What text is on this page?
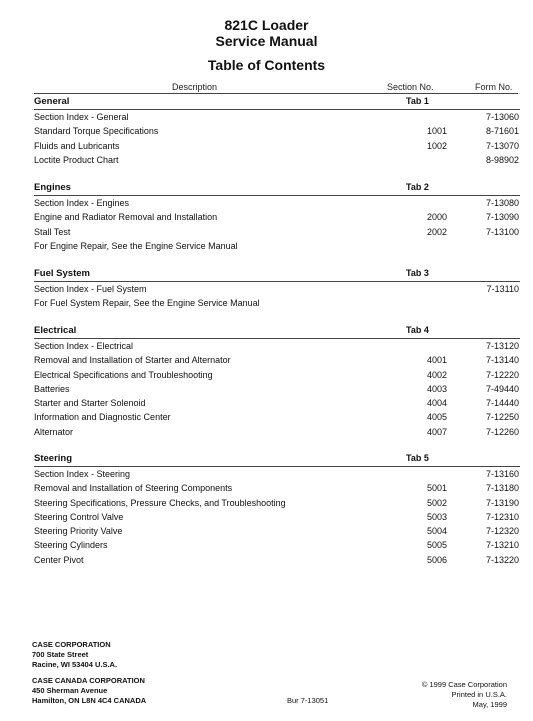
821C Loader
Service Manual
Table of Contents
Description	Section No.	Form No.
General	Tab 1
Section Index - General	7-13060
Standard Torque Specifications	1001	8-71601
Fluids and Lubricants	1002	7-13070
Loctite Product Chart	8-98902
Engines	Tab 2
Section Index - Engines	7-13080
Engine and Radiator Removal and Installation	2000	7-13090
Stall Test	2002	7-13100
For Engine Repair, See the Engine Service Manual
Fuel System	Tab 3
Section Index - Fuel System	7-13110
For Fuel System Repair, See the Engine Service Manual
Electrical	Tab 4
Section Index - Electrical	7-13120
Removal and Installation of Starter and Alternator	4001	7-13140
Electrical Specifications and Troubleshooting	4002	7-12220
Batteries	4003	7-49440
Starter and Starter Solenoid	4004	7-14440
Information and Diagnostic Center	4005	7-12250
Alternator	4007	7-12260
Steering	Tab 5
Section Index - Steering	7-13160
Removal and Installation of Steering Components	5001	7-13180
Steering Specifications, Pressure Checks, and Troubleshooting	5002	7-13190
Steering Control Valve	5003	7-12310
Steering Priority Valve	5004	7-12320
Steering Cylinders	5005	7-13210
Center Pivot	5006	7-13220
CASE CORPORATION
700 State Street
Racine, WI 53404 U.S.A.
CASE CANADA CORPORATION
450 Sherman Avenue
Hamilton, ON L8N 4C4 CANADA	Bur 7-13051
© 1999 Case Corporation
Printed in U.S.A.
May, 1999
